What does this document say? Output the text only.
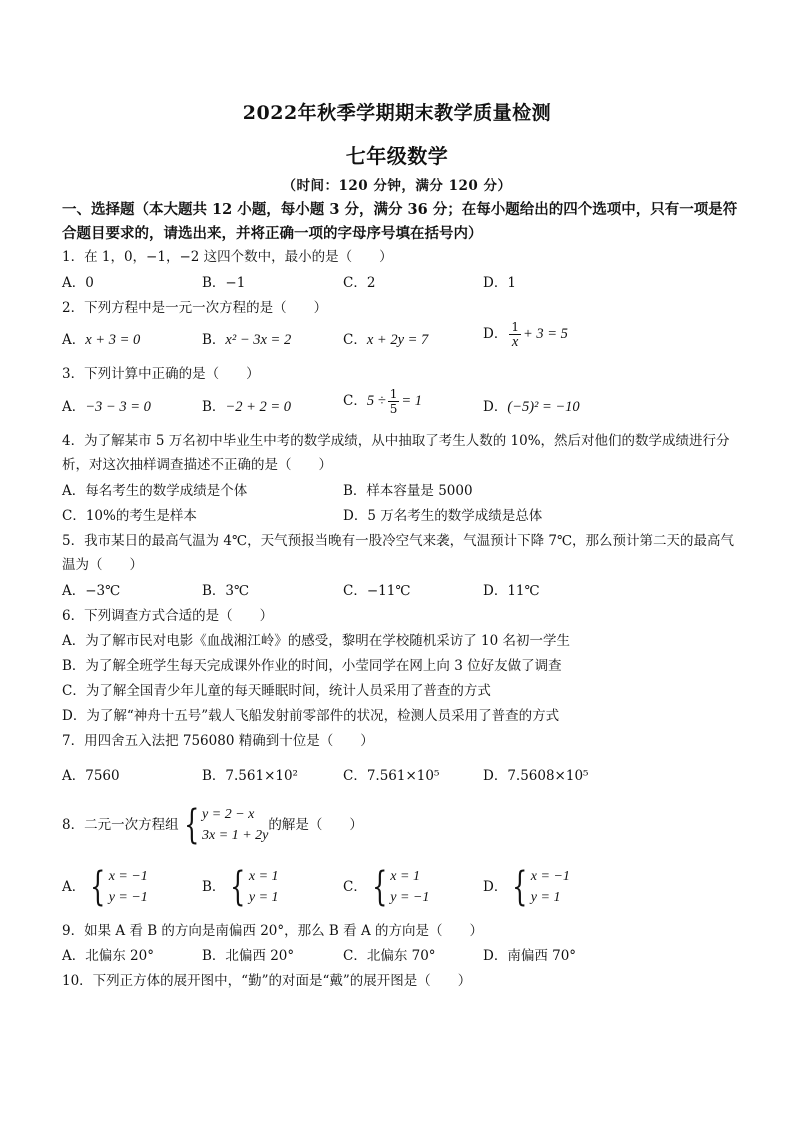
2022年秋季学期期末教学质量检测
七年级数学
（时间：120 分钟，满分 120 分）
一、选择题（本大题共 12 小题，每小题 3 分，满分 36 分；在每小题给出的四个选项中，只有一项是符合题目要求的，请选出来，并将正确一项的字母序号填在括号内）
1．在 1，0，−1，−2 这四个数中，最小的是（　　）
A．0	B．−1	C．2	D．1
2．下列方程中是一元一次方程的是（　　）
A．x + 3 = 0	B．x² − 3x = 2	C．x + 2y = 7	D． $\frac{1}{x} + 3 = 5$
3．下列计算中正确的是（　　）
A．−3 − 3 = 0	B．−2 + 2 = 0	C．$5 \div \frac{1}{5} = 1$	D．(−5)² = −10
4．为了解某市 5 万名初中毕业生中考的数学成绩，从中抽取了考生人数的 10%，然后对他们的数学成绩进行分析，对这次抽样调查描述不正确的是（　　）
A．每名考生的数学成绩是个体	B．样本容量是 5000
C．10%的考生是样本	D．5 万名考生的数学成绩是总体
5．我市某日的最高气温为 4℃，天气预报当晚有一股冷空气来袭，气温预计下降 7℃，那么预计第二天的最高气温为（　　）
A．−3℃	B．3℃	C．−11℃	D．11℃
6．下列调查方式合适的是（　　）
A．为了解市民对电影《血战湘江岭》的感受，黎明在学校随机采访了 10 名初一学生
B．为了解全班学生每天完成课外作业的时间，小莹同学在网上向 3 位好友做了调查
C．为了解全国青少年儿童的每天睡眠时间，统计人员采用了普查的方式
D．为了解“神舟十五号”载人飞船发射前零部件的状况，检测人员采用了普查的方式
7．用四舍五入法把 756080 精确到十位是（　　）
A．7560	B．7.561×10²	C．7.561×10⁵	D．7.5608×10⁵
8．二元一次方程组 { y = 2 − x
3x = 1 + 2y
的解是（　　）
A． { x = −1
y = −1
B． { x = 1
y = 1
C． { x = 1
y = −1
D． { x = −1
y = 1
9．如果 A 看 B 的方向是南偏西 20°，那么 B 看 A 的方向是（　　）
A．北偏东 20°	B．北偏西 20°	C．北偏东 70°	D．南偏西 70°
10．下列正方体的展开图中，“勤”的对面是“戴”的展开图是（　　）
